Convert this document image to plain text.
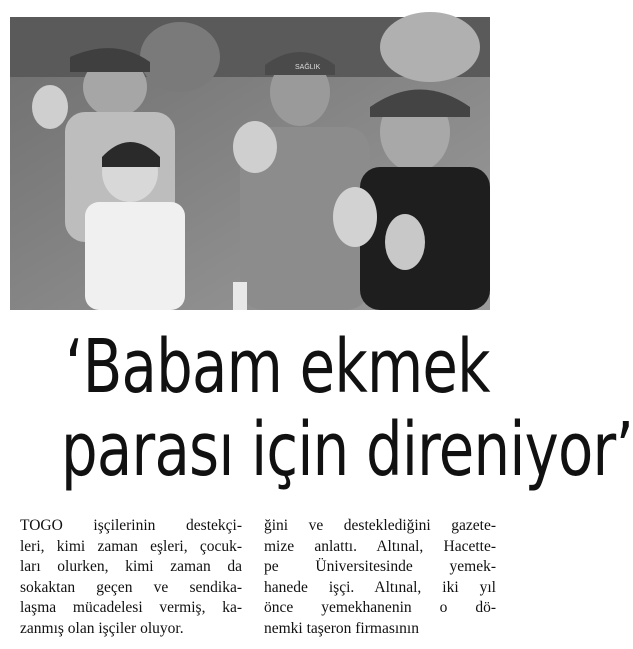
SAĞLIK
‘Babam ekmek
parası için direniyor’
TOGO işçilerinin destekçi-
leri, kimi zaman eşleri, çocuk-
ları olurken, kimi zaman da
sokaktan geçen ve sendika-
laşma mücadelesi vermiş, ka-
zanmış olan işçiler oluyor.
ğini ve desteklediğini gazete-
mize anlattı. Altınal, Hacette-
pe Üniversitesinde yemek-
hanede işçi. Altınal, iki yıl
önce yemekhanenin o dö-
nemki taşeron firmasının
